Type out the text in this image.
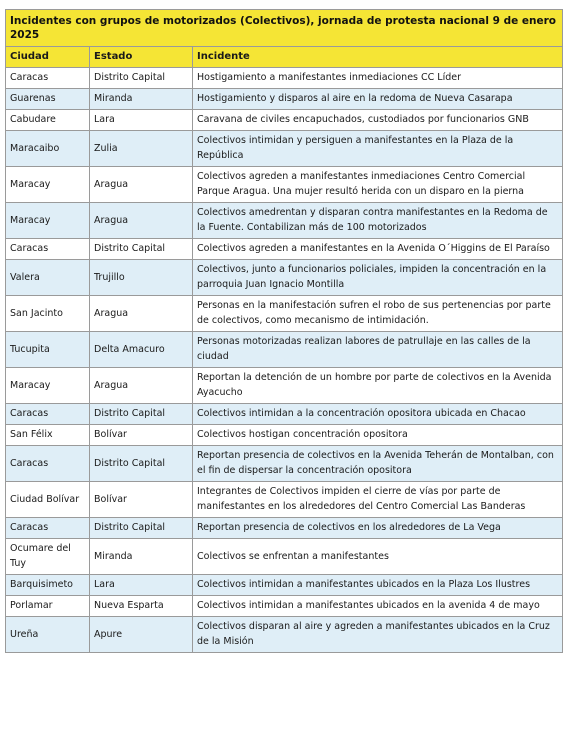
Incidentes con grupos de motorizados (Colectivos), jornada de protesta nacional 9 de enero 2025		
Ciudad	Estado	Incidente
Caracas	Distrito Capital	Hostigamiento a manifestantes inmediaciones CC Líder
Guarenas	Miranda	Hostigamiento y disparos al aire en la redoma de Nueva Casarapa
Cabudare	Lara	Caravana de civiles encapuchados, custodiados por funcionarios GNB
Maracaibo	Zulia	Colectivos intimidan y persiguen a manifestantes en la Plaza de la República
Maracay	Aragua	Colectivos agreden a manifestantes inmediaciones Centro Comercial Parque Aragua. Una mujer resultó herida con un disparo en la pierna
Maracay	Aragua	Colectivos amedrentan y disparan contra manifestantes en la Redoma de la Fuente. Contabilizan más de 100 motorizados
Caracas	Distrito Capital	Colectivos agreden a manifestantes en la Avenida O´Higgins de El Paraíso
Valera	Trujillo	Colectivos, junto a funcionarios policiales, impiden la concentración en la parroquia Juan Ignacio Montilla
San Jacinto	Aragua	Personas en la manifestación sufren el robo de sus pertenencias por parte de colectivos, como mecanismo de intimidación.
Tucupita	Delta Amacuro	Personas motorizadas realizan labores de patrullaje en las calles de la ciudad
Maracay	Aragua	Reportan la detención de un hombre por parte de colectivos en la Avenida Ayacucho
Caracas	Distrito Capital	Colectivos intimidan a la concentración opositora ubicada en Chacao
San Félix	Bolívar	Colectivos hostigan concentración opositora
Caracas	Distrito Capital	Reportan presencia de colectivos en la Avenida Teherán de Montalban, con el fin de dispersar la concentración opositora
Ciudad Bolívar	Bolívar	Integrantes de Colectivos impiden el cierre de vías por parte de manifestantes en los alrededores del Centro Comercial Las Banderas
Caracas	Distrito Capital	Reportan presencia de colectivos en los alrededores de La Vega
Ocumare del Tuy	Miranda	Colectivos se enfrentan a manifestantes
Barquisimeto	Lara	Colectivos intimidan a manifestantes ubicados en la Plaza Los Ilustres
Porlamar	Nueva Esparta	Colectivos intimidan a manifestantes ubicados en la avenida 4 de mayo
Ureña	Apure	Colectivos disparan al aire y agreden a manifestantes ubicados en la Cruz de la Misión
